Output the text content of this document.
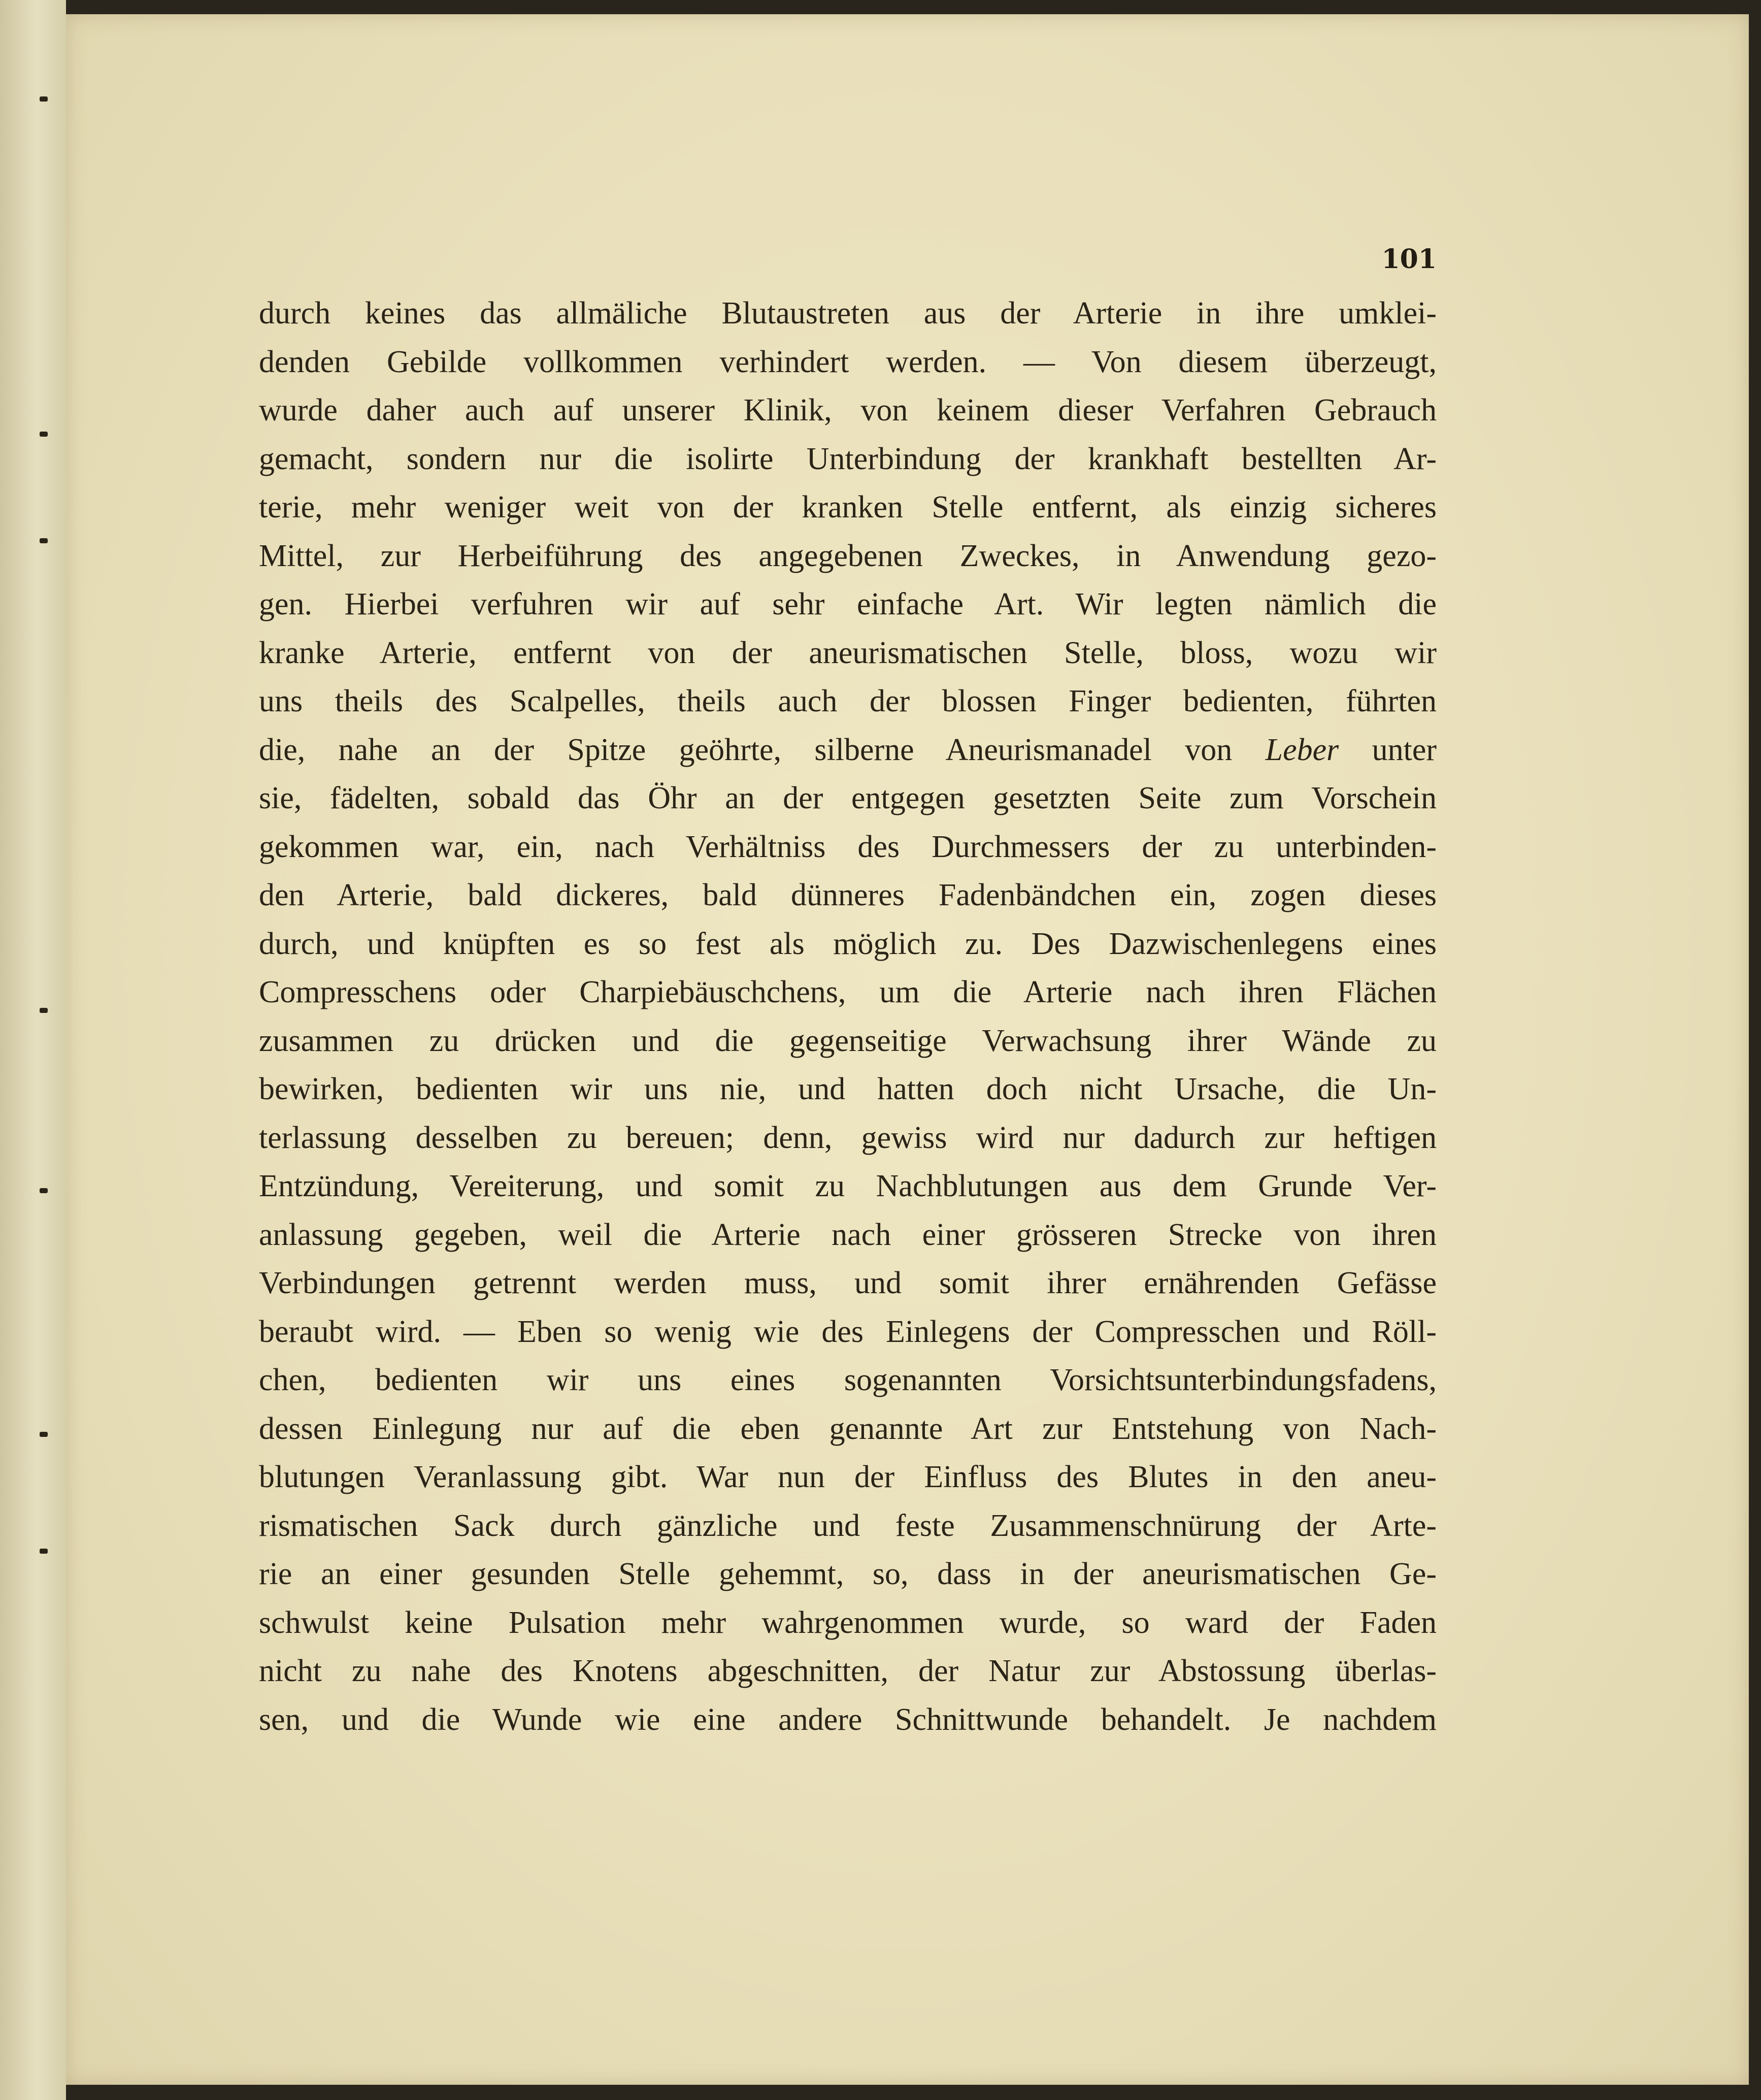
101
durch keines das allmäliche Blutaustreten aus der Arterie in ihre umklei-
denden Gebilde vollkommen verhindert werden. — Von diesem überzeugt,
wurde daher auch auf unserer Klinik, von keinem dieser Verfahren Gebrauch
gemacht, sondern nur die isolirte Unterbindung der krankhaft bestellten Ar-
terie, mehr weniger weit von der kranken Stelle entfernt, als einzig sicheres
Mittel, zur Herbeiführung des angegebenen Zweckes, in Anwendung gezo-
gen. Hierbei verfuhren wir auf sehr einfache Art. Wir legten nämlich die
kranke Arterie, entfernt von der aneurismatischen Stelle, bloss, wozu wir
uns theils des Scalpelles, theils auch der blossen Finger bedienten, führten
die, nahe an der Spitze geöhrte, silberne Aneurismanadel von Leber unter
sie, fädelten, sobald das Öhr an der entgegen gesetzten Seite zum Vorschein
gekommen war, ein, nach Verhältniss des Durchmessers der zu unterbinden-
den Arterie, bald dickeres, bald dünneres Fadenbändchen ein, zogen dieses
durch, und knüpften es so fest als möglich zu. Des Dazwischenlegens eines
Compresschens oder Charpiebäuschchens, um die Arterie nach ihren Flächen
zusammen zu drücken und die gegenseitige Verwachsung ihrer Wände zu
bewirken, bedienten wir uns nie, und hatten doch nicht Ursache, die Un-
terlassung desselben zu bereuen; denn, gewiss wird nur dadurch zur heftigen
Entzündung, Vereiterung, und somit zu Nachblutungen aus dem Grunde Ver-
anlassung gegeben, weil die Arterie nach einer grösseren Strecke von ihren
Verbindungen getrennt werden muss, und somit ihrer ernährenden Gefässe
beraubt wird. — Eben so wenig wie des Einlegens der Compresschen und Röll-
chen, bedienten wir uns eines sogenannten Vorsichtsunterbindungsfadens,
dessen Einlegung nur auf die eben genannte Art zur Entstehung von Nach-
blutungen Veranlassung gibt. War nun der Einfluss des Blutes in den aneu-
rismatischen Sack durch gänzliche und feste Zusammenschnürung der Arte-
rie an einer gesunden Stelle gehemmt, so, dass in der aneurismatischen Ge-
schwulst keine Pulsation mehr wahrgenommen wurde, so ward der Faden
nicht zu nahe des Knotens abgeschnitten, der Natur zur Abstossung überlas-
sen, und die Wunde wie eine andere Schnittwunde behandelt. Je nachdem
